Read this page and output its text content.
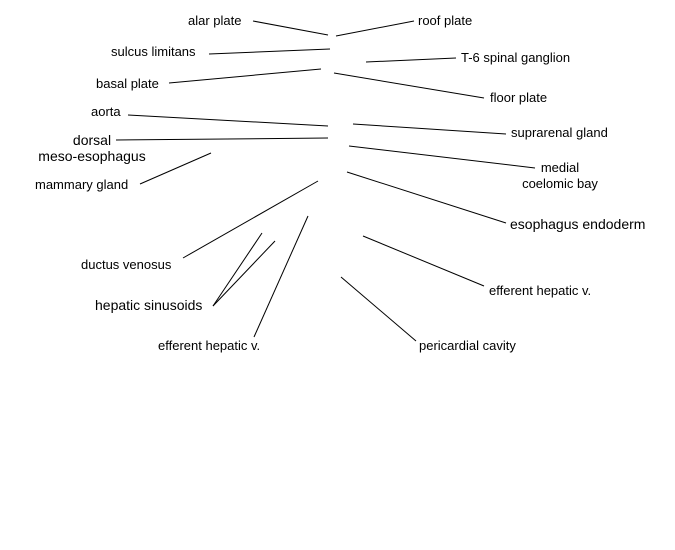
alar plate	roof plate
sulcus limitans	T-6 spinal ganglion
basal plate
floor plate
aorta
suprarenal gland
dorsal
meso-esophagus
medial
coelomic bay
mammary gland
esophagus endoderm
ductus venosus
efferent hepatic v.
hepatic sinusoids
efferent hepatic v.	pericardial cavity
